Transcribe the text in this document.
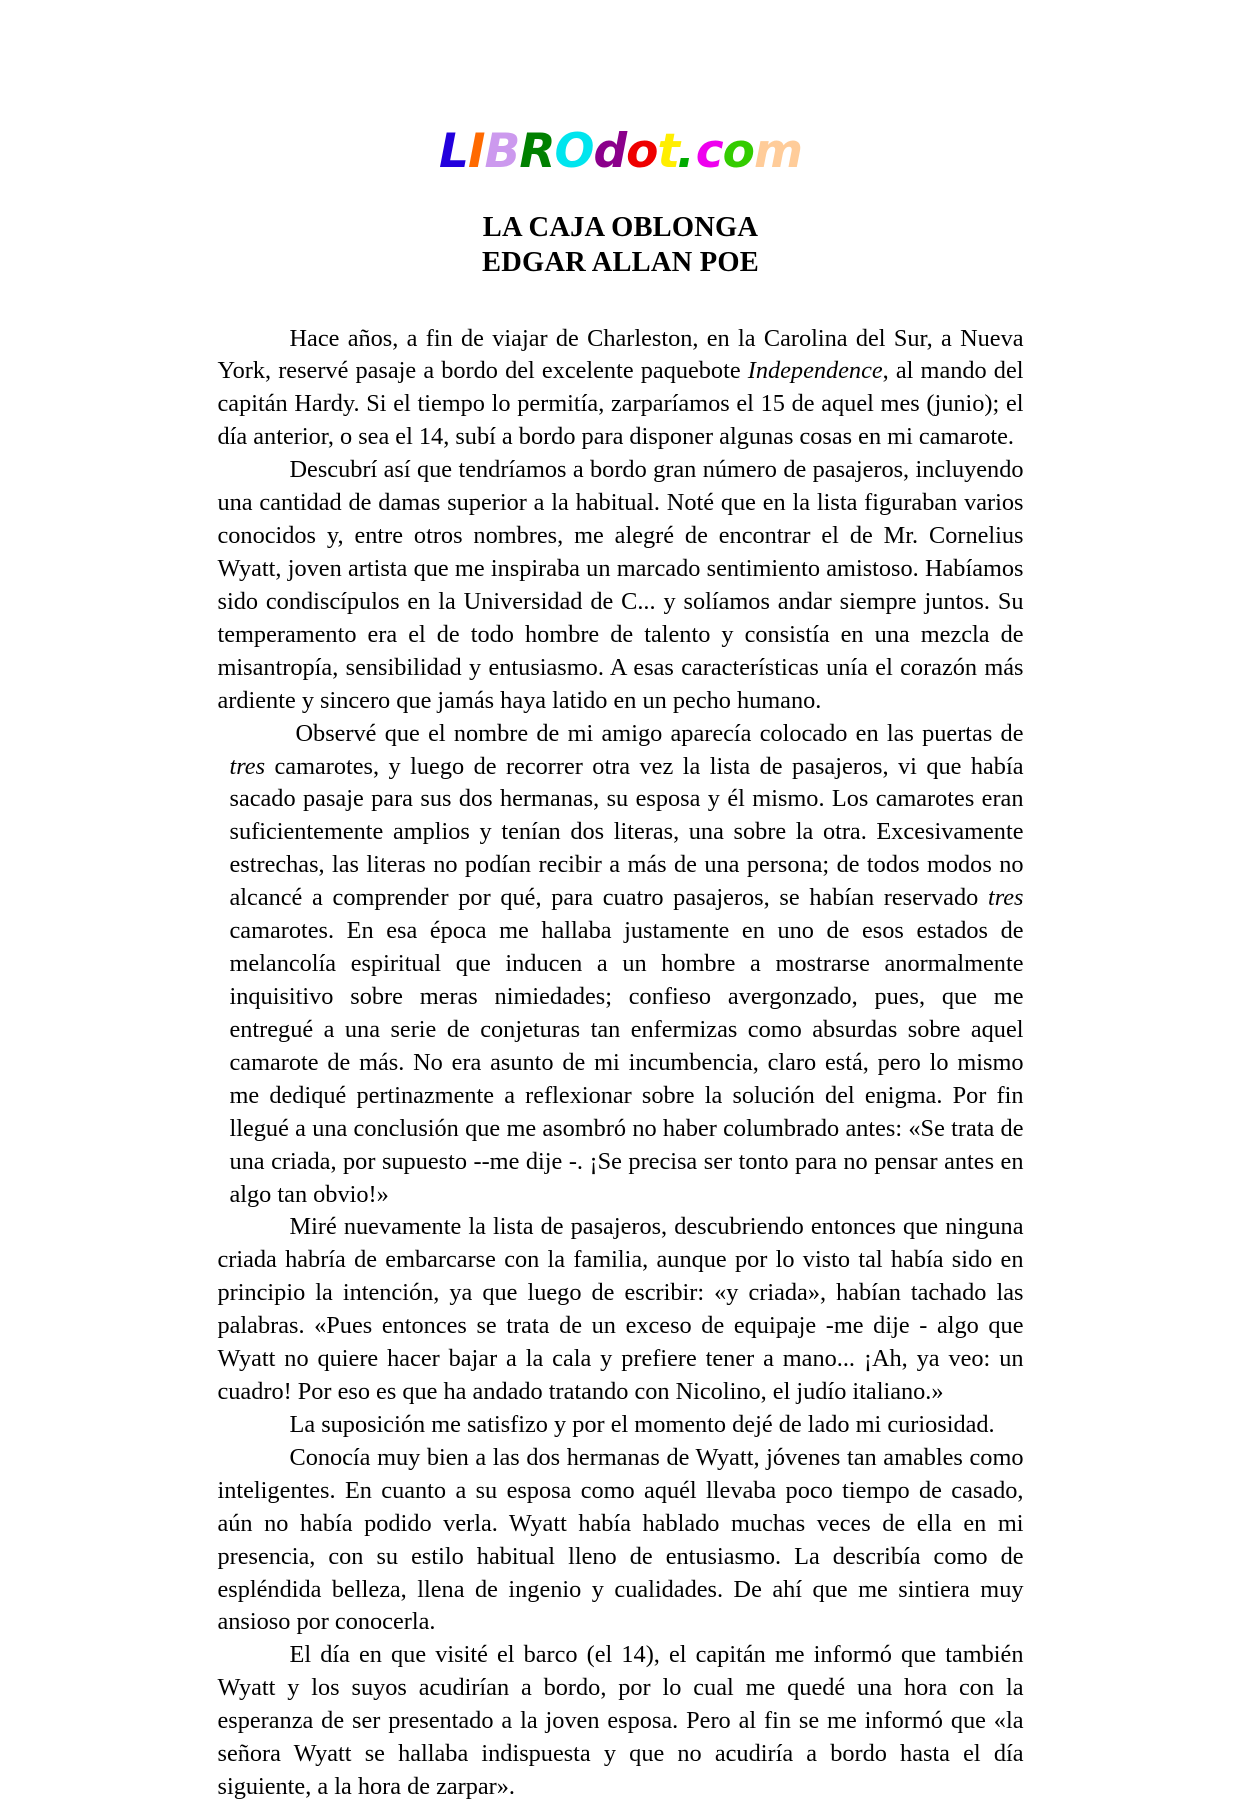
LIBROdot.com
LA CAJA OBLONGA
EDGAR ALLAN POE

Hace años, a fin de viajar de Charleston, en la Carolina del Sur, a Nueva York, reservé pasaje a bordo del excelente paquebote Independence, al mando del capitán Hardy. Si el tiempo lo permitía, zarparíamos el 15 de aquel mes (junio); el día anterior, o sea el 14, subí a bordo para disponer algunas cosas en mi camarote.

Descubrí así que tendríamos a bordo gran número de pasajeros, incluyendo una cantidad de damas superior a la habitual. Noté que en la lista figuraban varios conocidos y, entre otros nombres, me alegré de encontrar el de Mr. Cornelius Wyatt, joven artista que me inspiraba un marcado sentimiento amistoso. Habíamos sido condiscípulos en la Universidad de C... y solíamos andar siempre juntos. Su temperamento era el de todo hombre de talento y consistía en una mezcla de misantropía, sensibilidad y entusiasmo. A esas características unía el corazón más ardiente y sincero que jamás haya latido en un pecho humano.

Observé que el nombre de mi amigo aparecía colocado en las puertas de tres camarotes, y luego de recorrer otra vez la lista de pasajeros, vi que había sacado pasaje para sus dos hermanas, su esposa y él mismo. Los camarotes eran suficientemente amplios y tenían dos literas, una sobre la otra. Excesivamente estrechas, las literas no podían recibir a más de una persona; de todos modos no alcancé a comprender por qué, para cuatro pasajeros, se habían reservado tres camarotes. En esa época me hallaba justamente en uno de esos estados de melancolía espiritual que inducen a un hombre a mostrarse anormalmente inquisitivo sobre meras nimiedades; confieso avergonzado, pues, que me entregué a una serie de conjeturas tan enfermizas como absurdas sobre aquel camarote de más. No era asunto de mi incumbencia, claro está, pero lo mismo me dediqué pertinazmente a reflexionar sobre la solución del enigma. Por fin llegué a una conclusión que me asombró no haber columbrado antes: «Se trata de una criada, por supuesto --me dije -. ¡Se precisa ser tonto para no pensar antes en algo tan obvio!»

Miré nuevamente la lista de pasajeros, descubriendo entonces que ninguna criada habría de embarcarse con la familia, aunque por lo visto tal había sido en principio la intención, ya que luego de escribir: «y criada», habían tachado las palabras. «Pues entonces se trata de un exceso de equipaje -me dije - algo que Wyatt no quiere hacer bajar a la cala y prefiere tener a mano... ¡Ah, ya veo: un cuadro! Por eso es que ha andado tratando con Nicolino, el judío italiano.»

La suposición me satisfizo y por el momento dejé de lado mi curiosidad.

Conocía muy bien a las dos hermanas de Wyatt, jóvenes tan amables como inteligentes. En cuanto a su esposa como aquél llevaba poco tiempo de casado, aún no había podido verla. Wyatt había hablado muchas veces de ella en mi presencia, con su estilo habitual lleno de entusiasmo. La describía como de espléndida belleza, llena de ingenio y cualidades. De ahí que me sintiera muy ansioso por conocerla.

El día en que visité el barco (el 14), el capitán me informó que también Wyatt y los suyos acudirían a bordo, por lo cual me quedé una hora con la esperanza de ser presentado a la joven esposa. Pero al fin se me informó que «la señora Wyatt se hallaba indispuesta y que no acudiría a bordo hasta el día siguiente, a la hora de zarpar».
